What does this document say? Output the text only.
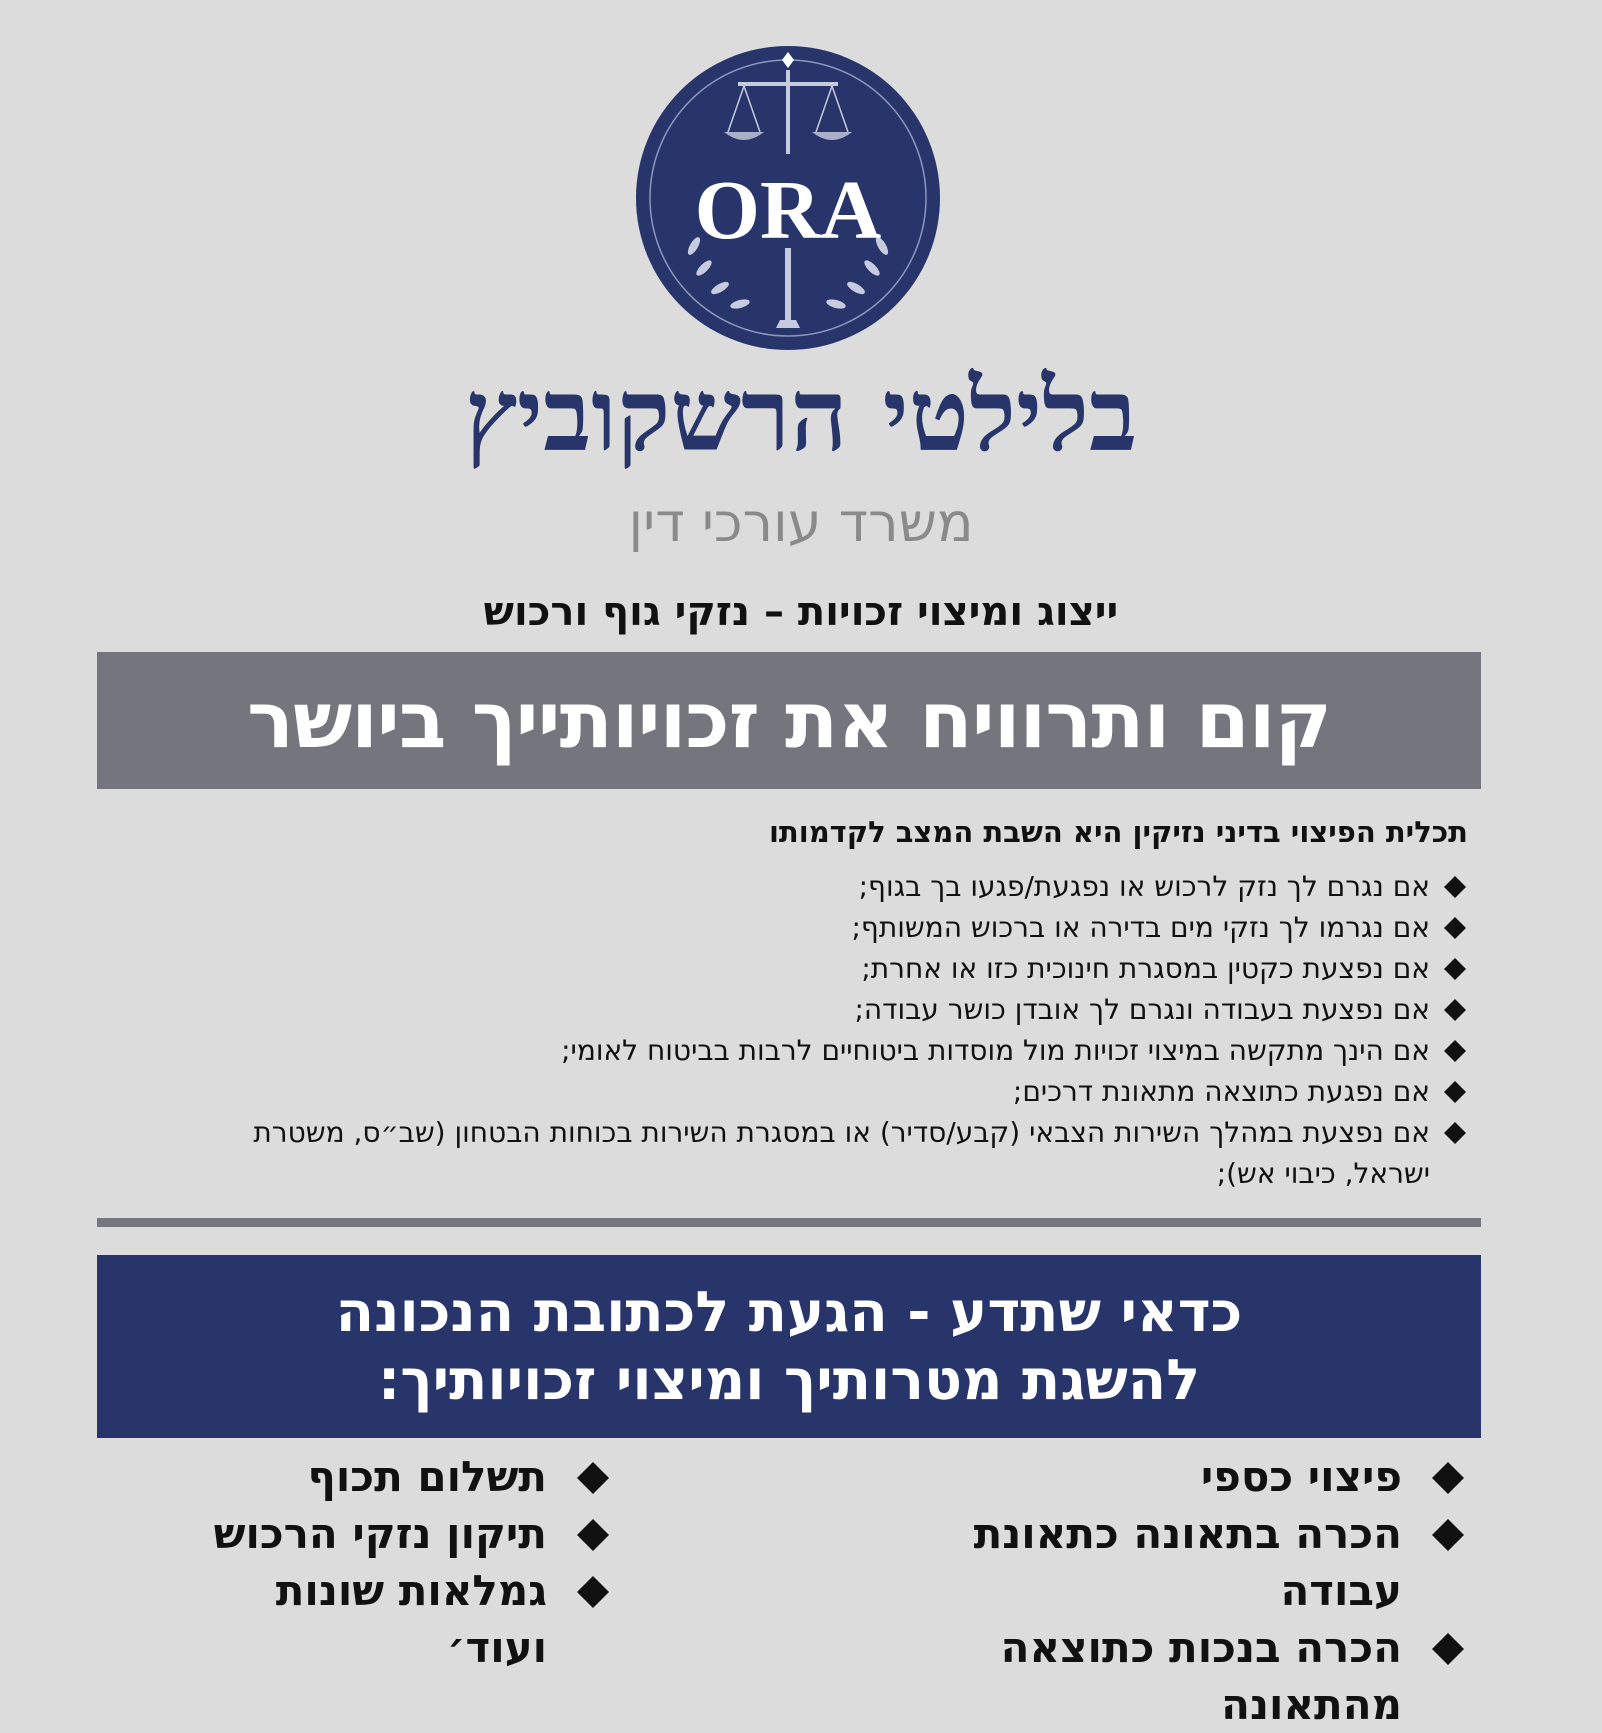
ORA
בלילטי הרשקוביץ
משרד עורכי דין
ייצוג ומיצוי זכויות – נזקי גוף ורכוש
קום ותרוויח את זכויותייך ביושר
תכלית הפיצוי בדיני נזיקין היא השבת המצב לקדמותו
אם נגרם לך נזק לרכוש או נפגעת/פגעו בך בגוף;
אם נגרמו לך נזקי מים בדירה או ברכוש המשותף;
אם נפצעת כקטין במסגרת חינוכית כזו או אחרת;
אם נפצעת בעבודה ונגרם לך אובדן כושר עבודה;
אם הינך מתקשה במיצוי זכויות מול מוסדות ביטוחיים לרבות בביטוח לאומי;
אם נפגעת כתוצאה מתאונת דרכים;
אם נפצעת במהלך השירות הצבאי (קבע/סדיר) או במסגרת השירות בכוחות הבטחון (שב״ס, משטרת ישראל, כיבוי אש);
כדאי שתדע - הגעת לכתובת הנכונה
להשגת מטרותיך ומיצוי זכויותיך:
פיצוי כספי
הכרה בתאונה כתאונת עבודה
הכרה בנכות כתוצאה מהתאונה
תשלום תכוף
תיקון נזקי הרכוש
גמלאות שונות ועוד׳
